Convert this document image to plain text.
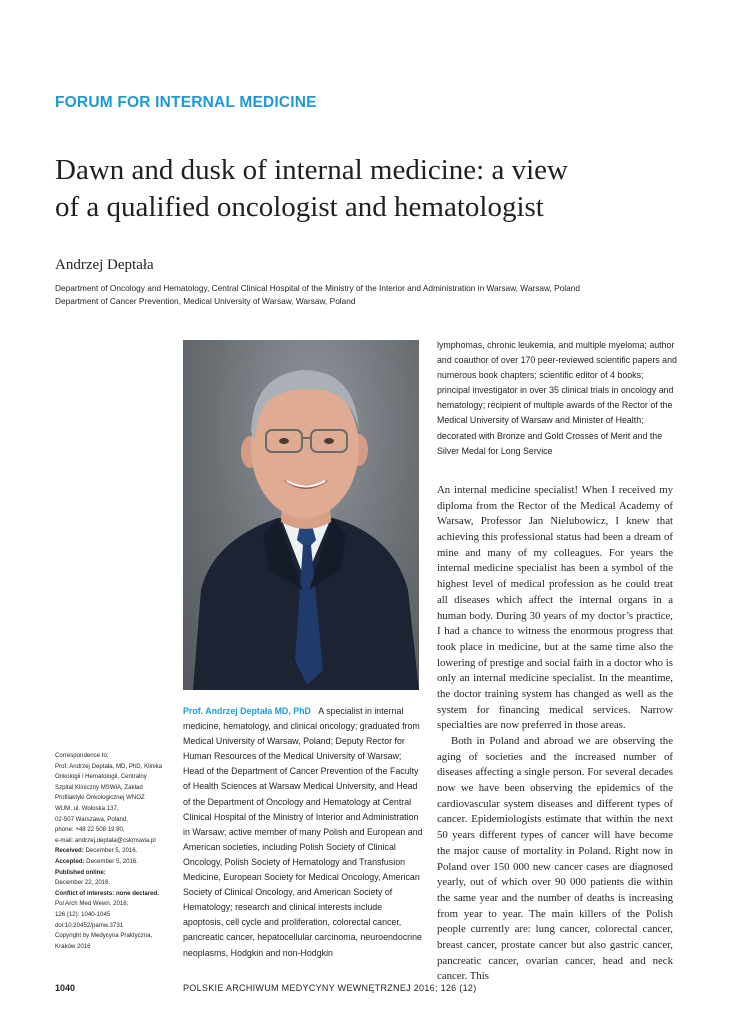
FORUM FOR INTERNAL MEDICINE
Dawn and dusk of internal medicine: a view
of a qualified oncologist and hematologist
Andrzej Deptała
Department of Oncology and Hematology, Central Clinical Hospital of the Ministry of the Interior and Administration in Warsaw, Warsaw, Poland
Department of Cancer Prevention, Medical University of Warsaw, Warsaw, Poland

Prof. Andrzej Deptała MD, PhD A specialist in internal medicine, hematology, and clinical oncology; graduated from Medical University of Warsaw, Poland; Deputy Rector for Human Resources of the Medical University of Warsaw; Head of the Department of Cancer Prevention of the Faculty of Health Sciences at Warsaw Medical University, and Head of the Department of Oncology and Hematology at Central Clinical Hospital of the Ministry of Interior and Administration in Warsaw; active member of many Polish and European and American societies, including Polish Society of Clinical Oncology, Polish Society of Hematology and Transfusion Medicine, European Society for Medical Oncology, American Society of Clinical Oncology, and American Society of Hematology; research and clinical interests include apoptosis, cell cycle and proliferation, colorectal cancer, pancreatic cancer, hepatocellular carcinoma, neuroendocrine neoplasms, Hodgkin and non-Hodgkin

lymphomas, chronic leukemia, and multiple myeloma; author and coauthor of over 170 peer-reviewed scientific papers and numerous book chapters; scientific editor of 4 books; principal investigator in over 35 clinical trials in oncology and hematology; recipient of multiple awards of the Rector of the Medical University of Warsaw and Minister of Health; decorated with Bronze and Gold Crosses of Merit and the Silver Medal for Long Service

An internal medicine specialist! When I received my diploma from the Rector of the Medical Academy of Warsaw, Professor Jan Nielubowicz, I knew that achieving this professional status had been a dream of mine and many of my colleagues. For years the internal medicine specialist has been a symbol of the highest level of medical profession as he could treat all diseases which affect the internal organs in a human body. During 30 years of my doctor’s practice, I had a chance to witness the enormous progress that took place in medicine, but at the same time also the lowering of prestige and social faith in a doctor who is only an internal medicine specialist. In the meantime, the doctor training system has changed as well as the system for financing medical services. Narrow specialties are now preferred in those areas.

Both in Poland and abroad we are observing the aging of societies and the increased number of diseases affecting a single person. For several decades now we have been observing the epidemics of the cardiovascular system diseases and different types of cancer. Epidemiologists estimate that within the next 50 years different types of cancer will have become the major cause of mortality in Poland. Right now in Poland over 150 000 new cancer cases are diagnosed yearly, out of which over 90 000 patients die within the same year and the number of deaths is increasing from year to year. The main killers of the Polish people currently are: lung cancer, colorectal cancer, breast cancer, prostate cancer but also gastric cancer, pancreatic cancer, ovarian cancer, head and neck cancer. This

Correspondence to:
Prof. Andrzej Deptała, MD, PhD, Klinika
Onkologii i Hematologii, Centralny
Szpital Kliniczny MSWiA, Zakład
Profilaktyki Onkologicznej WNOZ
WUM, ul. Wołoska 137,
02-507 Warszawa, Poland,
phone: +48 22 508 19 80,
e-mail: andrzej.deptala@cskmswia.pl
Received: December 5, 2016.
Accepted: December 5, 2016.
Published online:
December 22, 2016.
Conflict of interests: none declared.
Pol Arch Med Wewn. 2016;
126 (12): 1040-1045
doi:10.20452/pamw.3731
Copyright by Medycyna Praktyczna,
Kraków 2016
1040	POLSKIE ARCHIWUM MEDYCYNY WEWNĘTRZNEJ 2016; 126 (12)
